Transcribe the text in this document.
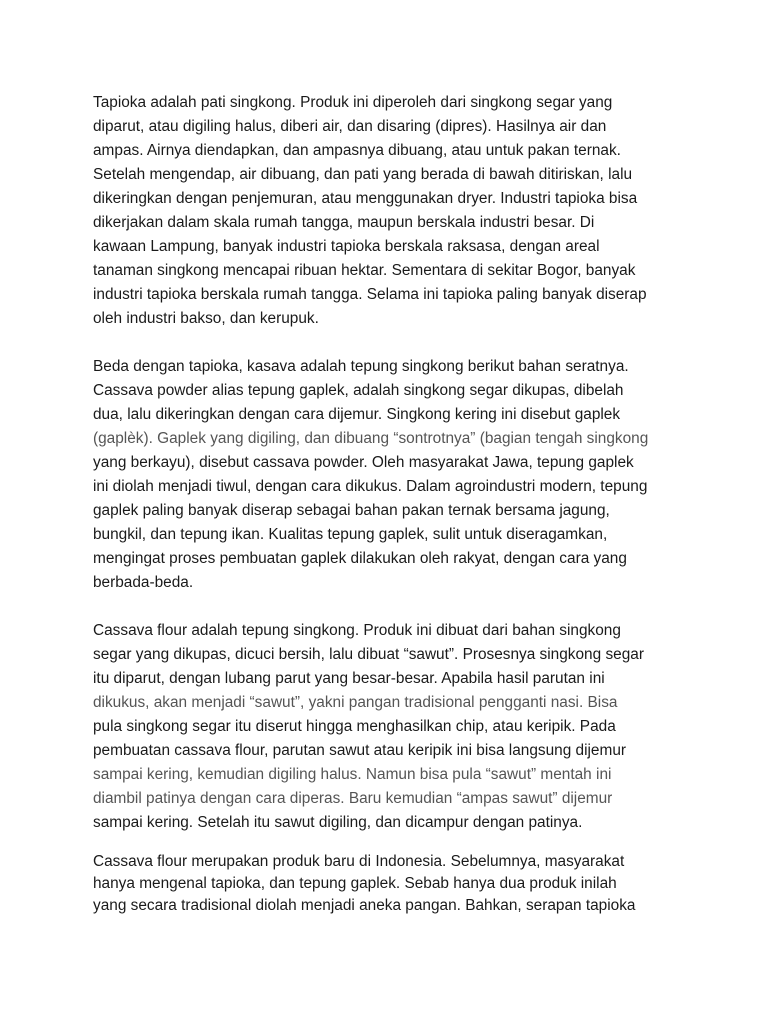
Tapioka adalah pati singkong. Produk ini diperoleh dari singkong segar yang
diparut, atau digiling halus, diberi air, dan disaring (dipres). Hasilnya air dan
ampas. Airnya diendapkan, dan ampasnya dibuang, atau untuk pakan ternak.
Setelah mengendap, air dibuang, dan pati yang berada di bawah ditiriskan, lalu
dikeringkan dengan penjemuran, atau menggunakan dryer. Industri tapioka bisa
dikerjakan dalam skala rumah tangga, maupun berskala industri besar. Di
kawaan Lampung, banyak industri tapioka berskala raksasa, dengan areal
tanaman singkong mencapai ribuan hektar. Sementara di sekitar Bogor, banyak
industri tapioka berskala rumah tangga. Selama ini tapioka paling banyak diserap
oleh industri bakso, dan kerupuk.
Beda dengan tapioka, kasava adalah tepung singkong berikut bahan seratnya.
Cassava powder alias tepung gaplek, adalah singkong segar dikupas, dibelah
dua, lalu dikeringkan dengan cara dijemur. Singkong kering ini disebut gaplek
(gaplèk). Gaplek yang digiling, dan dibuang “sontrotnya” (bagian tengah singkong
yang berkayu), disebut cassava powder. Oleh masyarakat Jawa, tepung gaplek
ini diolah menjadi tiwul, dengan cara dikukus. Dalam agroindustri modern, tepung
gaplek paling banyak diserap sebagai bahan pakan ternak bersama jagung,
bungkil, dan tepung ikan. Kualitas tepung gaplek, sulit untuk diseragamkan,
mengingat proses pembuatan gaplek dilakukan oleh rakyat, dengan cara yang
berbada-beda.
Cassava flour adalah tepung singkong. Produk ini dibuat dari bahan singkong
segar yang dikupas, dicuci bersih, lalu dibuat “sawut”. Prosesnya singkong segar
itu diparut, dengan lubang parut yang besar-besar. Apabila hasil parutan ini
dikukus, akan menjadi “sawut”, yakni pangan tradisional pengganti nasi. Bisa
pula singkong segar itu diserut hingga menghasilkan chip, atau keripik. Pada
pembuatan cassava flour, parutan sawut atau keripik ini bisa langsung dijemur
sampai kering, kemudian digiling halus. Namun bisa pula “sawut” mentah ini
diambil patinya dengan cara diperas. Baru kemudian “ampas sawut” dijemur
sampai kering. Setelah itu sawut digiling, dan dicampur dengan patinya.
Cassava flour merupakan produk baru di Indonesia. Sebelumnya, masyarakat
hanya mengenal tapioka, dan tepung gaplek. Sebab hanya dua produk inilah
yang secara tradisional diolah menjadi aneka pangan. Bahkan, serapan tapioka
